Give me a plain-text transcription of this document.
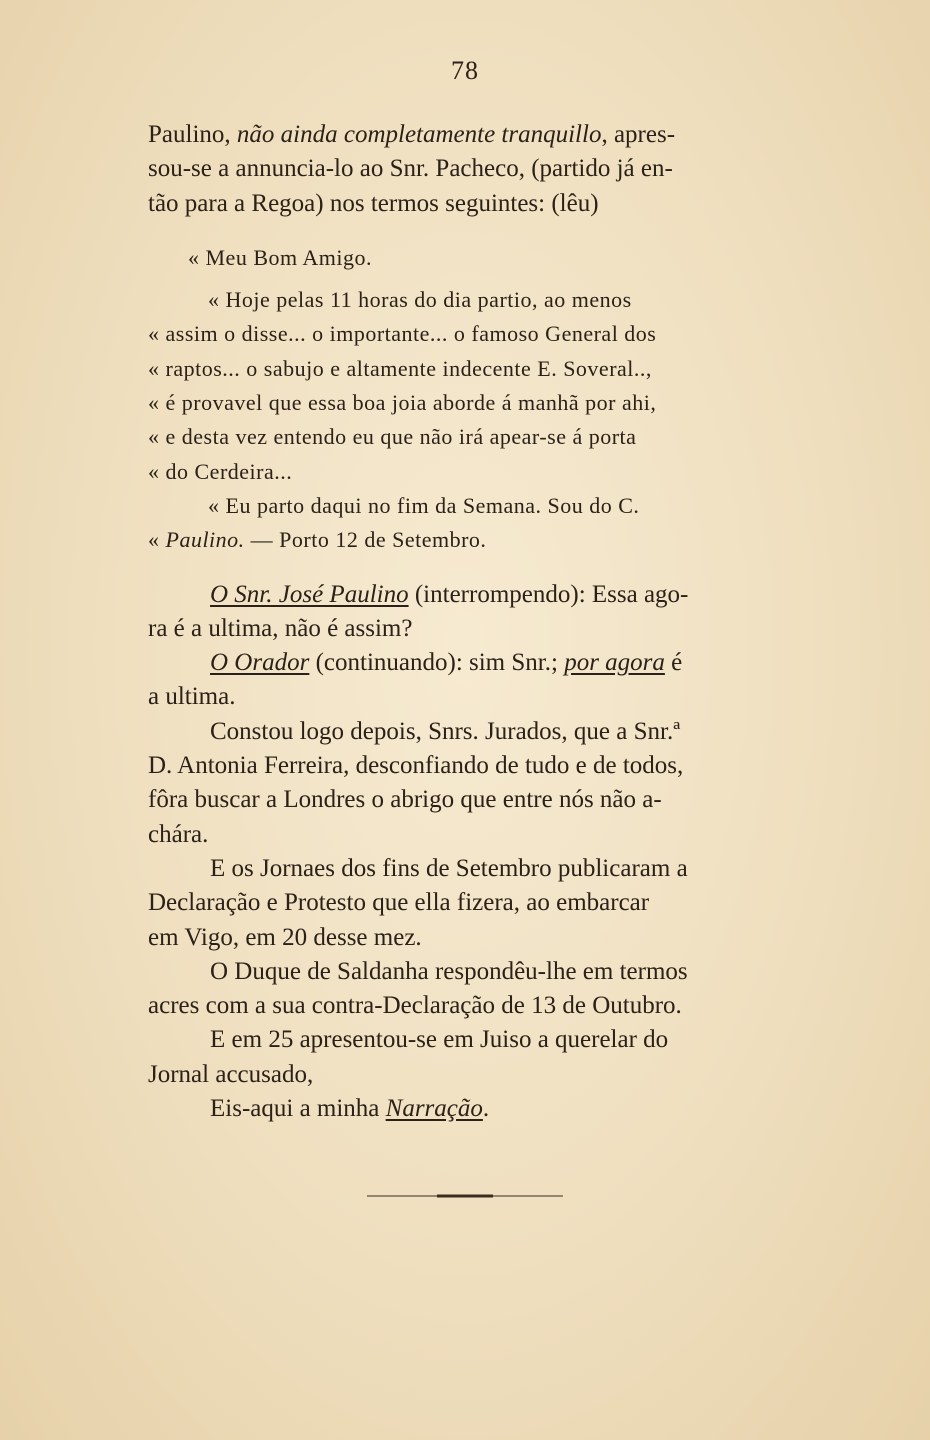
78
Paulino, não ainda completamente tranquillo, apres-
sou-se a annuncia-lo ao Snr. Pacheco, (partido já en-
tão para a Regoa) nos termos seguintes: (lêu)
« Meu Bom Amigo.
« Hoje pelas 11 horas do dia partio, ao menos
« assim o disse... o importante... o famoso General dos
« raptos... o sabujo e altamente indecente E. Soveral..,
« é provavel que essa boa joia aborde á manhã por ahi,
« e desta vez entendo eu que não irá apear-se á porta
« do Cerdeira...
« Eu parto daqui no fim da Semana. Sou do C.
« Paulino. — Porto 12 de Setembro.
O Snr. José Paulino (interrompendo): Essa ago-
ra é a ultima, não é assim?
O Orador (continuando): sim Snr.; por agora é
a ultima.
Constou logo depois, Snrs. Jurados, que a Snr.ª
D. Antonia Ferreira, desconfiando de tudo e de todos,
fôra buscar a Londres o abrigo que entre nós não a-
chára.
E os Jornaes dos fins de Setembro publicaram a
Declaração e Protesto que ella fizera, ao embarcar
em Vigo, em 20 desse mez.
O Duque de Saldanha respondêu-lhe em termos
acres com a sua contra-Declaração de 13 de Outubro.
E em 25 apresentou-se em Juiso a querelar do
Jornal accusado,
Eis-aqui a minha Narração.
